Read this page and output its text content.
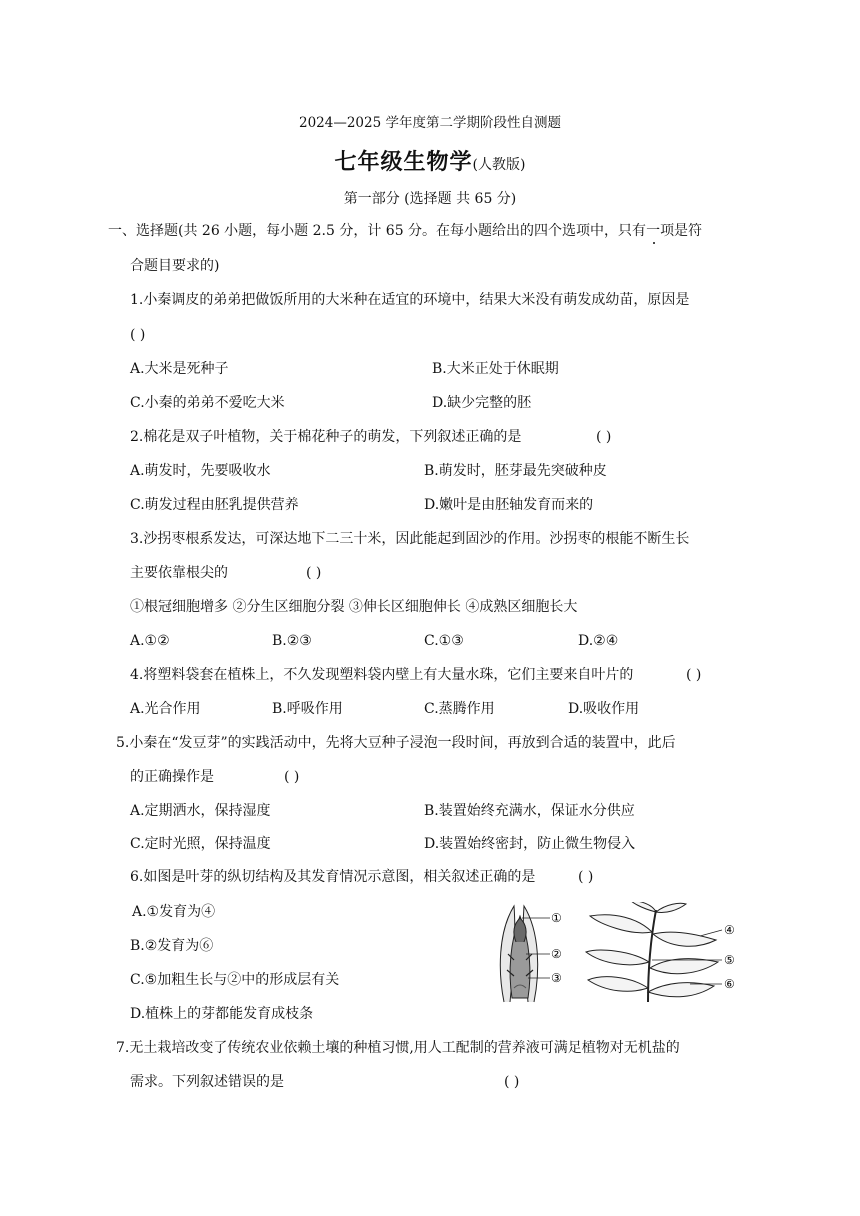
2024—2025 学年度第二学期阶段性自测题
七年级生物学(人教版)
第一部分 (选择题 共 65 分)
一、选择题(共 26 小题，每小题 2.5 分，计 65 分。在每小题给出的四个选项中，只有一项是符
合题目要求的)
1.小秦调皮的弟弟把做饭所用的大米种在适宜的环境中，结果大米没有萌发成幼苗，原因是
( )
A.大米是死种子	B.大米正处于休眠期
C.小秦的弟弟不爱吃大米	D.缺少完整的胚
2.棉花是双子叶植物，关于棉花种子的萌发，下列叙述正确的是	( )
A.萌发时，先要吸收水	B.萌发时，胚芽最先突破种皮
C.萌发过程由胚乳提供营养	D.嫩叶是由胚轴发育而来的
3.沙拐枣根系发达，可深达地下二三十米，因此能起到固沙的作用。沙拐枣的根能不断生长
主要依靠根尖的	( )
①根冠细胞增多 ②分生区细胞分裂 ③伸长区细胞伸长 ④成熟区细胞长大
A.①②	B.②③	C.①③	D.②④
4.将塑料袋套在植株上，不久发现塑料袋内壁上有大量水珠，它们主要来自叶片的	( )
A.光合作用	B.呼吸作用	C.蒸腾作用	D.吸收作用
5.小秦在“发豆芽”的实践活动中，先将大豆种子浸泡一段时间，再放到合适的装置中，此后
的正确操作是	( )
A.定期洒水，保持湿度	B.装置始终充满水，保证水分供应
C.定时光照，保持温度	D.装置始终密封，防止微生物侵入
6.如图是叶芽的纵切结构及其发育情况示意图，相关叙述正确的是	( )
A.①发育为④
B.②发育为⑥
C.⑤加粗生长与②中的形成层有关
D.植株上的芽都能发育成枝条
①
②
③
④
⑤
⑥
7.无土栽培改变了传统农业依赖土壤的种植习惯,用人工配制的营养液可满足植物对无机盐的
需求。下列叙述错误的是	( )
